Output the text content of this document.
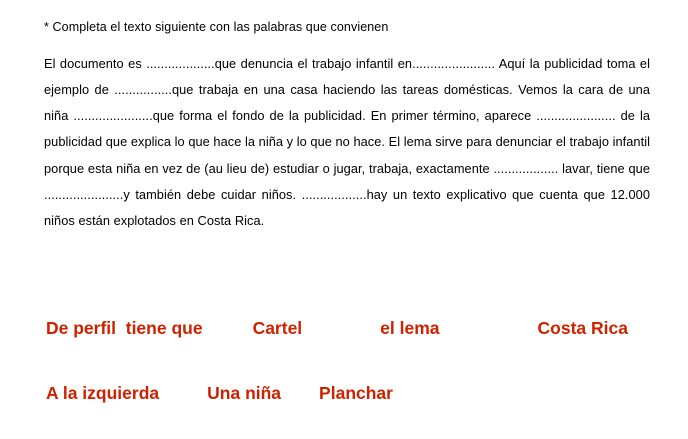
* Completa el texto siguiente con las palabras que convienen

El documento es ...................que denuncia el trabajo infantil en....................... Aquí la publicidad toma el ejemplo de ................que trabaja en una casa haciendo las tareas domésticas. Vemos la cara de una niña ......................que forma el fondo de la publicidad. En primer término, aparece ...................... de la publicidad que explica lo que hace la niña y lo que no hace. El lema sirve para denunciar el trabajo infantil porque esta niña en vez de (au lieu de) estudiar o jugar, trabaja, exactamente .................. lavar, tiene que ......................y también debe cuidar niños. ..................hay un texto explicativo que cuenta que 12.000 niños están explotados en Costa Rica.

De perfil  tiene que	Cartel	el lema	Costa Rica
A la izquierda	Una niña Planchar
